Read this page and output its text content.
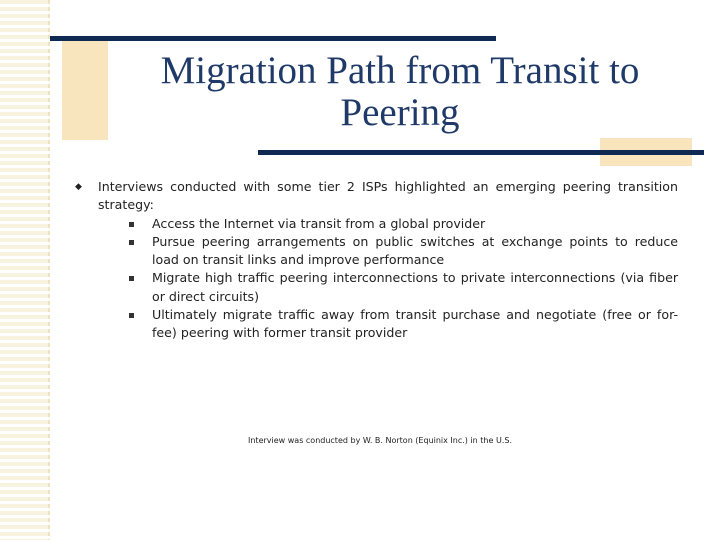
Migration Path from Transit to Peering
◆ Interviews conducted with some tier 2 ISPs highlighted an emerging peering transition strategy:
Access the Internet via transit from a global provider
Pursue peering arrangements on public switches at exchange points to reduce load on transit links and improve performance
Migrate high traffic peering interconnections to private interconnections (via fiber or direct circuits)
Ultimately migrate traffic away from transit purchase and negotiate (free or for-fee) peering with former transit provider

Interview was conducted by W. B. Norton (Equinix Inc.) in the U.S.
